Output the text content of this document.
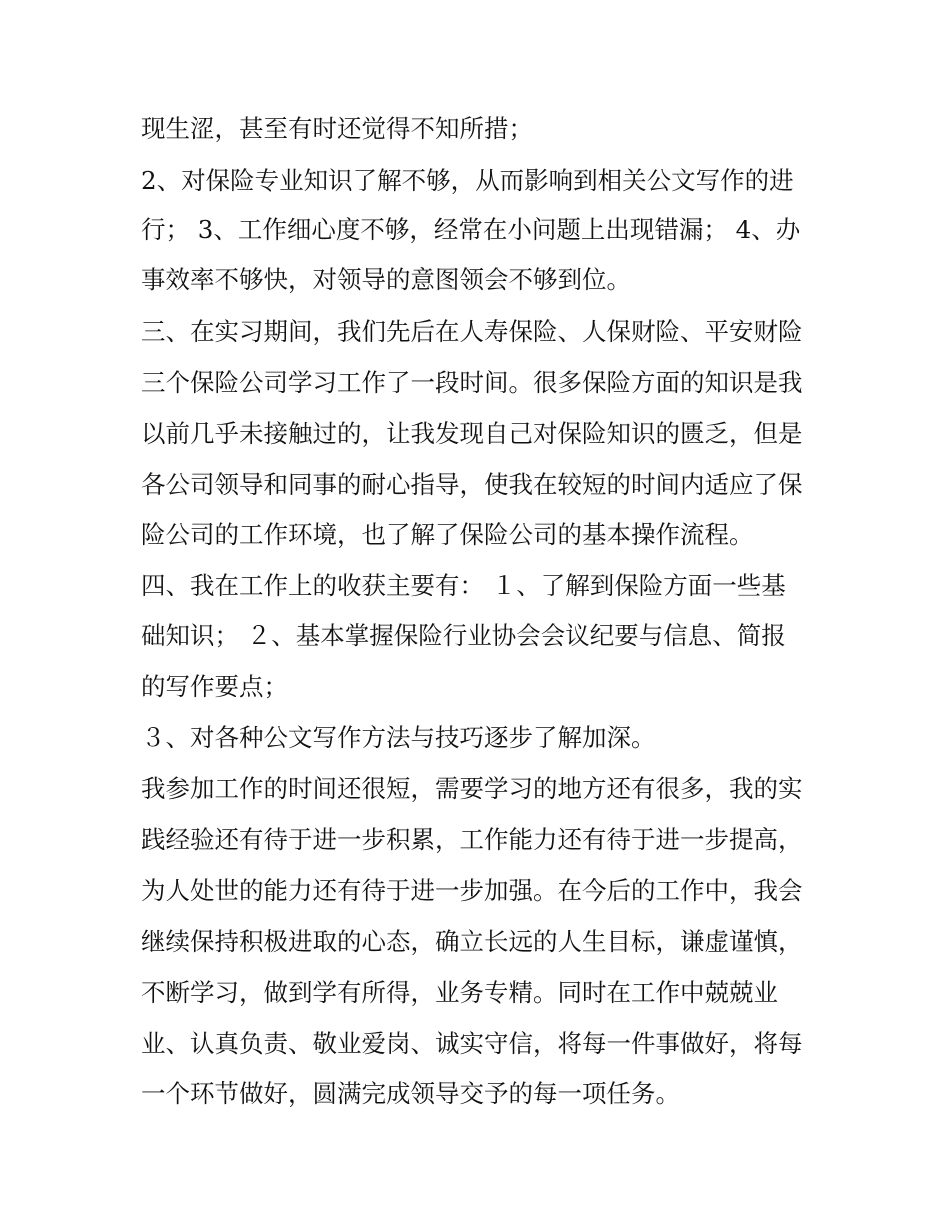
现生涩，甚至有时还觉得不知所措；

2、对保险专业知识了解不够，从而影响到相关公文写作的进

行； 3、工作细心度不够，经常在小问题上出现错漏； 4、办

事效率不够快，对领导的意图领会不够到位。

三、在实习期间，我们先后在人寿保险、人保财险、平安财险

三个保险公司学习工作了一段时间。很多保险方面的知识是我

以前几乎未接触过的，让我发现自己对保险知识的匮乏，但是

各公司领导和同事的耐心指导，使我在较短的时间内适应了保

险公司的工作环境，也了解了保险公司的基本操作流程。

四、我在工作上的收获主要有： １、了解到保险方面一些基

础知识； ２、基本掌握保险行业协会会议纪要与信息、简报

的写作要点；

３、对各种公文写作方法与技巧逐步了解加深。

我参加工作的时间还很短，需要学习的地方还有很多，我的实

践经验还有待于进一步积累，工作能力还有待于进一步提高，

为人处世的能力还有待于进一步加强。在今后的工作中，我会

继续保持积极进取的心态，确立长远的人生目标，谦虚谨慎，

不断学习，做到学有所得，业务专精。同时在工作中兢兢业

业、认真负责、敬业爱岗、诚实守信，将每一件事做好，将每

一个环节做好，圆满完成领导交予的每一项任务。
